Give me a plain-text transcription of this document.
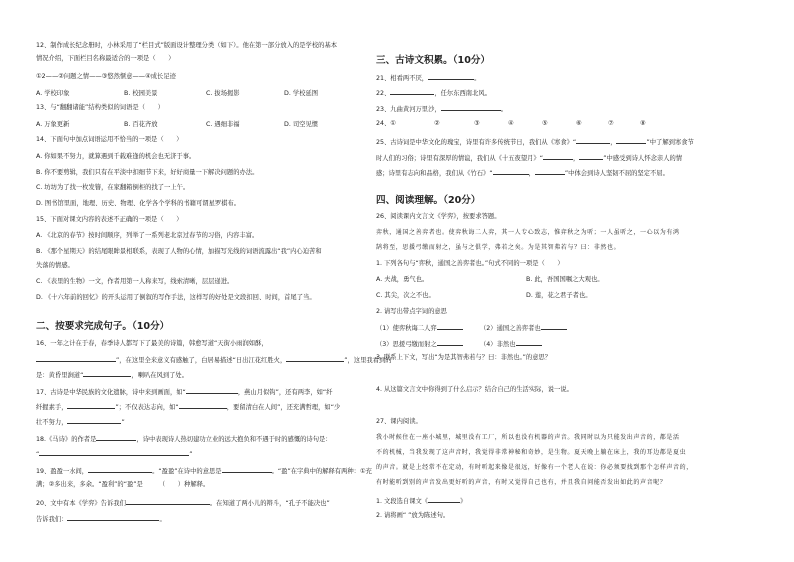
12、制作成长纪念册时，小林采用了“栏目式”版面设计整理分类（如下）。他在第一部分放入的是学校的基本
情况介绍，下面栏目名称最适合的一项是（　　）
①2——②问题之情——③悠然惬意——④成长足迹
A. 学校印象	B. 校园美景	C. 拔场揭影	D. 学校延图
13、与“翻翻诸能”结构类似的词语是（　　）
A. 万象更新	B. 百花齐放	C. 遇细非福	D. 司空见惯
14、下面句中加点词语运用不恰当的一项是（　　）
A. 你如果不努力，就算遇到千载难逢的机会也无济于事。
B. 你不要剪辑，我们只有在平淡中扣细节下来，好好商量一下解决问题的办法。
C. 坊坊为了找一枚发簪，在家翻箱倒柜的找了一上午。
D. 图书馆里面，地理、历史、物理、化学各个学科的书籍可谓星罗棋布。
15、下面对课文内容的表述不正确的一项是（　　）
A. 《北京的春节》按时间顺序，列举了一系列老北京过春节的习俗，内容丰富。
B. 《那个星期天》的结尾眼眸景相联系，表现了人物的心情，加描写光线的词语流露出“我”内心迫苦和
失落的情感。
C. 《表里的生物》一文，作者用第一人称来写，线索清晰，层层递进。
D. 《十六年前的回忆》的开头运用了倒叙的写作手法，这样写的好处是文段扣回、时间，首尾了当。
二、按要求完成句子。（10分）
16、一年之计在于春，春季诗人都写下了最美的诗篇，韩愈写道“天街小雨润如酥，
”，在这里全来意义有感触了，白居易描述“日出江花红胜火，	”，这里我看到的
是：黄昏里涧道“	，喇叭在风到了处。
17、古诗是中华民族的文化遗脉，诗中来到画面，如“	，燕山月似钩”，还有两李，如“纤
纤握素手，	”；不仅表达志向，如“	，要留清白在人间”，还充满哲理，如“少
壮不努力，	”
18.《马诗》的作者是	，诗中表现诗人热切建功立业的远大抱负和不遇于时的感慨的诗句是：
“	”
19、盈盈一水间，	。“盈盈”在诗中的意思是	。“盈”在字典中的解释有两种：①充
满；②多出来，多余。“盈利”的“盈”是	（　　）种解释。
20、文中有本《学弈》告诉我们	。在知道了两小儿的辩斗，“孔子不能决也”
告诉我们：	。
三、古诗文积累。（10分）
21、相看两不厌，	。
22、	，任尔东西南北风。
23、九曲黄河万里沙，	。
24、①	②	③	④	⑤	⑥	⑦	⑧
25、古诗词是中华文化的瑰宝，诗里有许多传统节日，我们从《寒食》“	，	”中了解到寒食节
时人们的习俗；诗里有深厚的情谊，我们从《十五夜望月》“	，	”中感受到诗人怀念亲人的情
感；诗里有志向和品格，我们从《竹石》“	，	”中体会到诗人坚韧不屈的坚定不屈。
四、阅读理解。（20分）
26、阅读课内文言文《学弈》，按要求答题。
弈秋，通国之善弈者也。使弈秋诲二人弈，其一人专心致志，惟弈秋之为听；一人虽听之，一心以为有鸿
鹄将至，思援弓缴而射之，虽与之俱学，弗若之矣。为是其智弗若与？曰：非然也。
1. 下列各句与“弈秋，通国之善弈者也。”句式不同的一项是（　　）
A. 夫战，勇气也。	B. 此，吾国国嘱之大观也。
C. 其尖，次之不也。	D. 莲，花之君子者也。
2. 请写出带点字词的意思
（1）使弈秋诲二人弈	（2）通国之善弈者也
（3）思援弓缴而射之	（4）非然也
3. 联系上下文，写出“为是其智弗若与？曰：非然也。”的意思？
4. 从这篇文言文中你得到了什么启示？结合自己的生活实际，说一说。
27、课内阅读。
我小时候住在一座小城里，城里没有工厂，所以也没有机器的声音。我同时以为只能发出声音的，都是活
不的机械，当我发现了这声音时，我觉得非常神秘和奇妙，是生物。夏天晚上躺在床上，我的耳边都是夏虫
的声音。就是上经常不在定动，有时听起来像是很远，好像有一个老人在说：你必须要找到那个怎样声音的，
有时能听到别的声音发出更好听的声音，有时又觉得自己也有，并且我自问能否发出如此的声音呢？
1. 文段选自课文《	》
2. 请将画“ ”放为陈述句。
